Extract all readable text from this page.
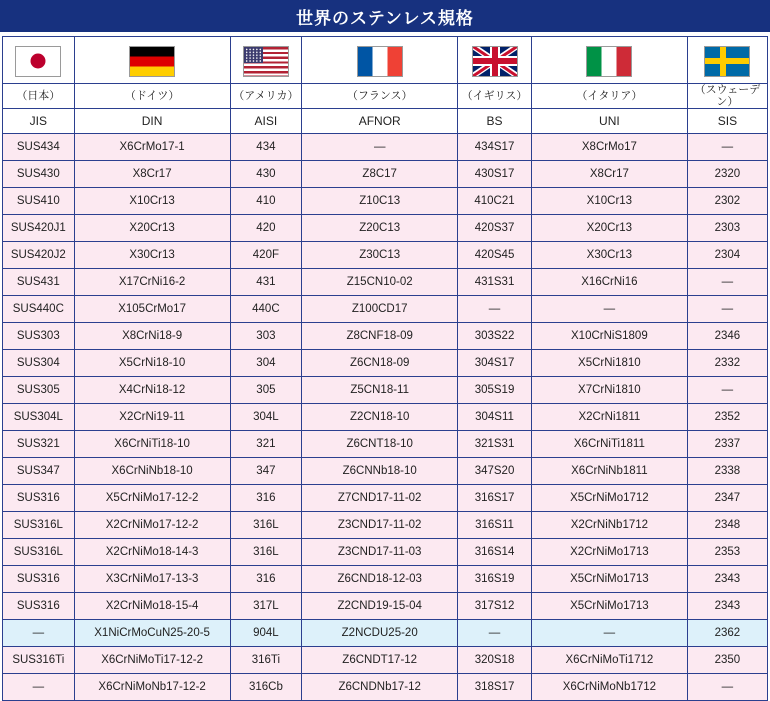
世界のステンレス規格

（日本）	（ドイツ）	（アメリカ）	（フランス）	（イギリス）	（イタリア）	（スウェーデン）
JIS	DIN	AISI	AFNOR	BS	UNI	SIS
SUS434	X6CrMo17-1	434	—	434S17	X8CrMo17	—
SUS430	X8Cr17	430	Z8C17	430S17	X8Cr17	2320
SUS410	X10Cr13	410	Z10C13	410C21	X10Cr13	2302
SUS420J1	X20Cr13	420	Z20C13	420S37	X20Cr13	2303
SUS420J2	X30Cr13	420F	Z30C13	420S45	X30Cr13	2304
SUS431	X17CrNi16-2	431	Z15CN10-02	431S31	X16CrNi16	—
SUS440C	X105CrMo17	440C	Z100CD17	—	—	—
SUS303	X8CrNi18-9	303	Z8CNF18-09	303S22	X10CrNiS1809	2346
SUS304	X5CrNi18-10	304	Z6CN18-09	304S17	X5CrNi1810	2332
SUS305	X4CrNi18-12	305	Z5CN18-11	305S19	X7CrNi1810	—
SUS304L	X2CrNi19-11	304L	Z2CN18-10	304S11	X2CrNi1811	2352
SUS321	X6CrNiTi18-10	321	Z6CNT18-10	321S31	X6CrNiTi1811	2337
SUS347	X6CrNiNb18-10	347	Z6CNNb18-10	347S20	X6CrNiNb1811	2338
SUS316	X5CrNiMo17-12-2	316	Z7CND17-11-02	316S17	X5CrNiMo1712	2347
SUS316L	X2CrNiMo17-12-2	316L	Z3CND17-11-02	316S11	X2CrNiNb1712	2348
SUS316L	X2CrNiMo18-14-3	316L	Z3CND17-11-03	316S14	X2CrNiMo1713	2353
SUS316	X3CrNiMo17-13-3	316	Z6CND18-12-03	316S19	X5CrNiMo1713	2343
SUS316	X2CrNiMo18-15-4	317L	Z2CND19-15-04	317S12	X5CrNiMo1713	2343
—	X1NiCrMoCuN25-20-5	904L	Z2NCDU25-20	—	—	2362
SUS316Ti	X6CrNiMoTi17-12-2	316Ti	Z6CNDT17-12	320S18	X6CrNiMoTi1712	2350
—	X6CrNiMoNb17-12-2	316Cb	Z6CNDNb17-12	318S17	X6CrNiMoNb1712	—
